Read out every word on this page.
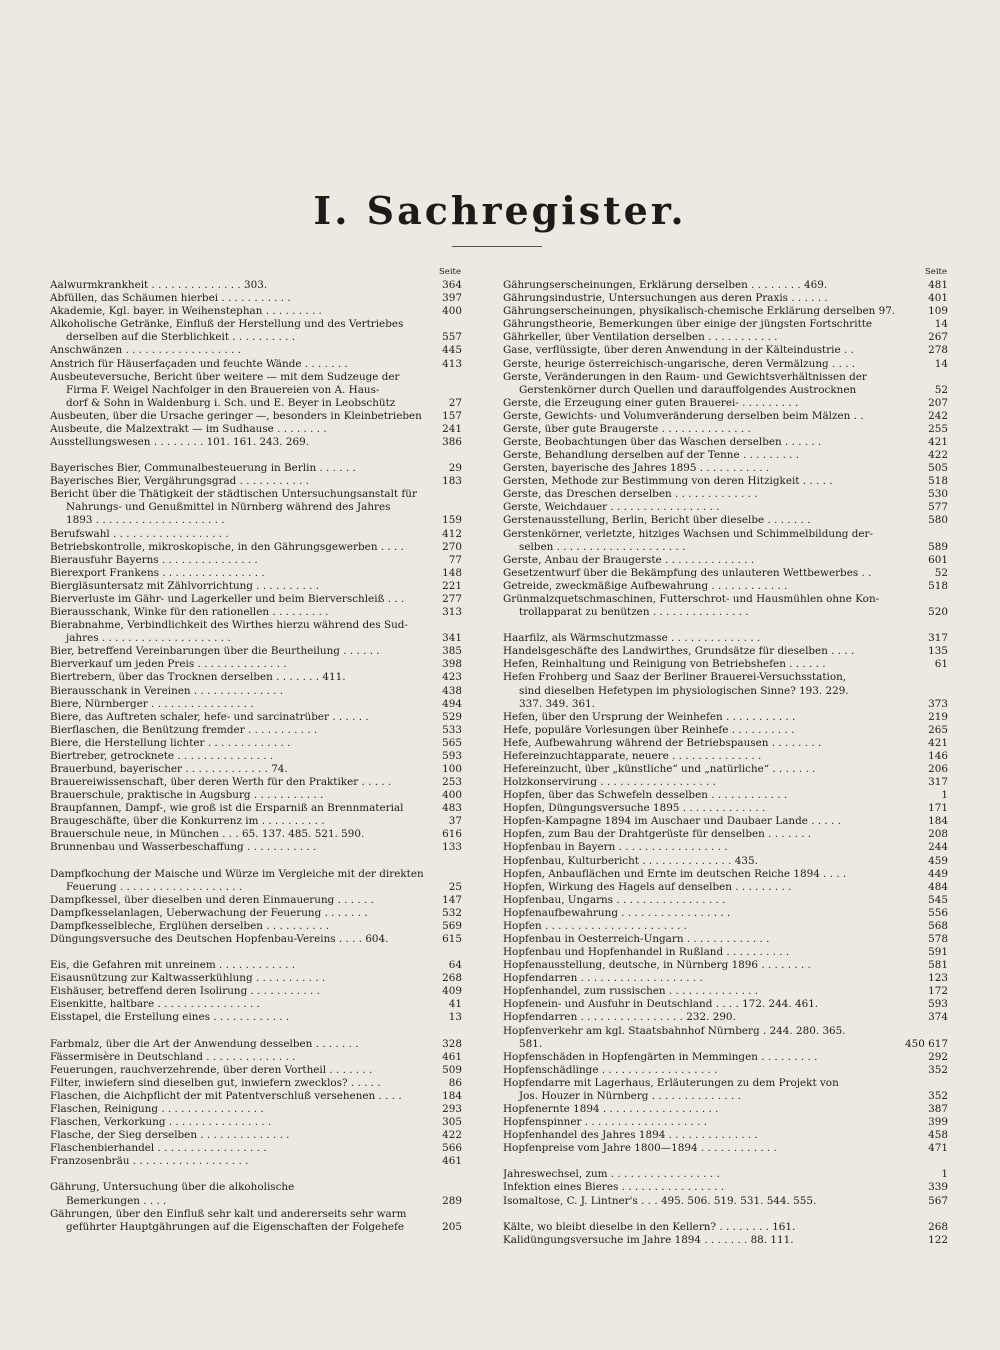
I. Sachregister.
Seite
Aalwurmkrankheit . . . . . . . . . . . . . . 303.	364
Abfüllen, das Schäumen hierbei . . . . . . . . . . .	397
Akademie, Kgl. bayer. in Weihenstephan . . . . . . . . .	400
Alkoholische Getränke, Einfluß der Herstellung und des Vertriebes
derselben auf die Sterblichkeit . . . . . . . . . .	557
Anschwänzen . . . . . . . . . . . . . . . . . .	445
Anstrich für Häuserfaçaden und feuchte Wände . . . . . . .	413
Ausbeuteversuche, Bericht über weitere — mit dem Sudzeuge der
Firma F. Weigel Nachfolger in den Brauereien von A. Haus-
dorf & Sohn in Waldenburg i. Sch. und E. Beyer in Leobschütz	27
Ausbeuten, über die Ursache geringer —, besonders in Kleinbetrieben	157
Ausbeute, die Malzextrakt — im Sudhause . . . . . . . .	241
Ausstellungswesen . . . . . . . . 101. 161. 243. 269.	386
Bayerisches Bier, Communalbesteuerung in Berlin . . . . . .	29
Bayerisches Bier, Vergährungsgrad . . . . . . . . . . .	183
Bericht über die Thätigkeit der städtischen Untersuchungsanstalt für
Nahrungs- und Genußmittel in Nürnberg während des Jahres
1893 . . . . . . . . . . . . . . . . . . . .	159
Berufswahl . . . . . . . . . . . . . . . . . .	412
Betriebskontrolle, mikroskopische, in den Gährungsgewerben . . . .	270
Bierausfuhr Bayerns . . . . . . . . . . . . . . .	77
Bierexport Frankens . . . . . . . . . . . . . . . .	148
Biergläsuntersatz mit Zählvorrichtung . . . . . . . . . .	221
Bierverluste im Gähr- und Lagerkeller und beim Bierverschleiß . . .	277
Bierausschank, Winke für den rationellen . . . . . . . . .	313
Bierabnahme, Verbindlichkeit des Wirthes hierzu während des Sud-
jahres . . . . . . . . . . . . . . . . . . . .	341
Bier, betreffend Vereinbarungen über die Beurtheilung . . . . . .	385
Bierverkauf um jeden Preis . . . . . . . . . . . . . .	398
Biertrebern, über das Trocknen derselben . . . . . . . 411.	423
Bierausschank in Vereinen . . . . . . . . . . . . . .	438
Biere, Nürnberger . . . . . . . . . . . . . . . .	494
Biere, das Auftreten schaler, hefe- und sarcinatrüber . . . . . .	529
Bierflaschen, die Benützung fremder . . . . . . . . . . .	533
Biere, die Herstellung lichter . . . . . . . . . . . . .	565
Biertreber, getrocknete . . . . . . . . . . . . . . .	593
Brauerbund, bayerischer . . . . . . . . . . . . . 74.	100
Brauereiwissenschaft, über deren Werth für den Praktiker . . . . .	253
Brauerschule, praktische in Augsburg . . . . . . . . . . .	400
Braupfannen, Dampf-, wie groß ist die Ersparniß an Brennmaterial	483
Braugeschäfte, über die Konkurrenz im . . . . . . . . . .	37
Brauerschule neue, in München . . . 65. 137. 485. 521. 590.	616
Brunnenbau und Wasserbeschaffung . . . . . . . . . . .	133
Dampfkochung der Maische und Würze im Vergleiche mit der direkten
Feuerung . . . . . . . . . . . . . . . . . . .	25
Dampfkessel, über dieselben und deren Einmauerung . . . . . .	147
Dampfkesselanlagen, Ueberwachung der Feuerung . . . . . . .	532
Dampfkesselbleche, Erglühen derselben . . . . . . . . . .	569
Düngungsversuche des Deutschen Hopfenbau-Vereins . . . . 604.	615
Eis, die Gefahren mit unreinem . . . . . . . . . . . .	64
Eisausnützung zur Kaltwasserkühlung . . . . . . . . . . .	268
Eishäuser, betreffend deren Isolirung . . . . . . . . . . .	409
Eisenkitte, haltbare . . . . . . . . . . . . . . . .	41
Eisstapel, die Erstellung eines . . . . . . . . . . . .	13
Farbmalz, über die Art der Anwendung desselben . . . . . . .	328
Fässermisère in Deutschland . . . . . . . . . . . . . .	461
Feuerungen, rauchverzehrende, über deren Vortheil . . . . . . .	509
Filter, inwiefern sind dieselben gut, inwiefern zwecklos? . . . . .	86
Flaschen, die Aichpflicht der mit Patentverschluß versehenen . . . .	184
Flaschen, Reinigung . . . . . . . . . . . . . . . .	293
Flaschen, Verkorkung . . . . . . . . . . . . . . . .	305
Flasche, der Sieg derselben . . . . . . . . . . . . . .	422
Flaschenbierhandel . . . . . . . . . . . . . . . . .	566
Franzosenbräu . . . . . . . . . . . . . . . . . .	461
Gährung, Untersuchung über die alkoholische
Bemerkungen . . . .	289
Gährungen, über den Einfluß sehr kalt und andererseits sehr warm
geführter Hauptgährungen auf die Eigenschaften der Folgehefe	205
Seite
Gährungserscheinungen, Erklärung derselben . . . . . . . . 469.	481
Gährungsindustrie, Untersuchungen aus deren Praxis . . . . . .	401
Gährungserscheinungen, physikalisch-chemische Erklärung derselben 97.	109
Gährungstheorie, Bemerkungen über einige der jüngsten Fortschritte	14
Gährkeller, über Ventilation derselben . . . . . . . . . . .	267
Gase, verflüssigte, über deren Anwendung in der Kälteindustrie . .	278
Gerste, heurige österreichisch-ungarische, deren Vermälzung . . . .	14
Gerste, Veränderungen in den Raum- und Gewichtsverhältnissen der
Gerstenkörner durch Quellen und darauffolgendes Austrocknen	52
Gerste, die Erzeugung einer guten Brauerei- . . . . . . . . .	207
Gerste, Gewichts- und Volumveränderung derselben beim Mälzen . .	242
Gerste, über gute Braugerste . . . . . . . . . . . . . .	255
Gerste, Beobachtungen über das Waschen derselben . . . . . .	421
Gerste, Behandlung derselben auf der Tenne . . . . . . . . .	422
Gersten, bayerische des Jahres 1895 . . . . . . . . . . .	505
Gersten, Methode zur Bestimmung von deren Hitzigkeit . . . . .	518
Gerste, das Dreschen derselben . . . . . . . . . . . . .	530
Gerste, Weichdauer . . . . . . . . . . . . . . . . .	577
Gerstenausstellung, Berlin, Bericht über dieselbe . . . . . . .	580
Gerstenkörner, verletzte, hitziges Wachsen und Schimmelbildung der-
selben . . . . . . . . . . . . . . . . . . . .	589
Gerste, Anbau der Braugerste . . . . . . . . . . . . . .	601
Gesetzentwurf über die Bekämpfung des unlauteren Wettbewerbes . .	52
Getreide, zweckmäßige Aufbewahrung . . . . . . . . . . . .	518
Grünmalzquetschmaschinen, Futterschrot- und Hausmühlen ohne Kon-
trollapparat zu benützen . . . . . . . . . . . . . . .	520
Haarfilz, als Wärmschutzmasse . . . . . . . . . . . . . .	317
Handelsgeschäfte des Landwirthes, Grundsätze für dieselben . . . .	135
Hefen, Reinhaltung und Reinigung von Betriebshefen . . . . . .	61
Hefen Frohberg und Saaz der Berliner Brauerei-Versuchsstation,
sind dieselben Hefetypen im physiologischen Sinne? 193. 229.
337. 349. 361.	373
Hefen, über den Ursprung der Weinhefen . . . . . . . . . . .	219
Hefe, populäre Vorlesungen über Reinhefe . . . . . . . . . .	265
Hefe, Aufbewahrung während der Betriebspausen . . . . . . . .	421
Hefereinzuchtapparate, neuere . . . . . . . . . . . . . .	146
Hefereinzucht, über „künstliche“ und „natürliche“ . . . . . . .	206
Holzkonservirung . . . . . . . . . . . . . . . . . .	317
Hopfen, über das Schwefeln desselben . . . . . . . . . . . .	1
Hopfen, Düngungsversuche 1895 . . . . . . . . . . . . .	171
Hopfen-Kampagne 1894 im Auschaer und Daubaer Lande . . . . .	184
Hopfen, zum Bau der Drahtgerüste für denselben . . . . . . .	208
Hopfenbau in Bayern . . . . . . . . . . . . . . . . .	244
Hopfenbau, Kulturbericht . . . . . . . . . . . . . . 435.	459
Hopfen, Anbauflächen und Ernte im deutschen Reiche 1894 . . . .	449
Hopfen, Wirkung des Hagels auf denselben . . . . . . . . .	484
Hopfenbau, Ungarns . . . . . . . . . . . . . . . . .	545
Hopfenaufbewahrung . . . . . . . . . . . . . . . . .	556
Hopfen . . . . . . . . . . . . . . . . . . . . . .	568
Hopfenbau in Oesterreich-Ungarn . . . . . . . . . . . . .	578
Hopfenbau und Hopfenhandel in Rußland . . . . . . . . . .	591
Hopfenausstellung, deutsche, in Nürnberg 1896 . . . . . . . .	581
Hopfendarren . . . . . . . . . . . . . . . . . . .	123
Hopfenhandel, zum russischen . . . . . . . . . . . . . .	172
Hopfenein- und Ausfuhr in Deutschland . . . . 172. 244. 461.	593
Hopfendarren . . . . . . . . . . . . . . . . 232. 290.	374
Hopfenverkehr am kgl. Staatsbahnhof Nürnberg . 244. 280. 365.
581.	450 617
Hopfenschäden in Hopfengärten in Memmingen . . . . . . . . .	292
Hopfenschädlinge . . . . . . . . . . . . . . . . . .	352
Hopfendarre mit Lagerhaus, Erläuterungen zu dem Projekt von
Jos. Houzer in Nürnberg . . . . . . . . . . . . . .	352
Hopfenernte 1894 . . . . . . . . . . . . . . . . . .	387
Hopfenspinner . . . . . . . . . . . . . . . . . . .	399
Hopfenhandel des Jahres 1894 . . . . . . . . . . . . . .	458
Hopfenpreise vom Jahre 1800—1894 . . . . . . . . . . . .	471
Jahreswechsel, zum . . . . . . . . . . . . . . . . .	1
Infektion eines Bieres . . . . . . . . . . . . . . . .	339
Isomaltose, C. J. Lintner's . . . 495. 506. 519. 531. 544. 555.	567
Kälte, wo bleibt dieselbe in den Kellern? . . . . . . . . 161.	268
Kalidüngungsversuche im Jahre 1894 . . . . . . . 88. 111.	122
